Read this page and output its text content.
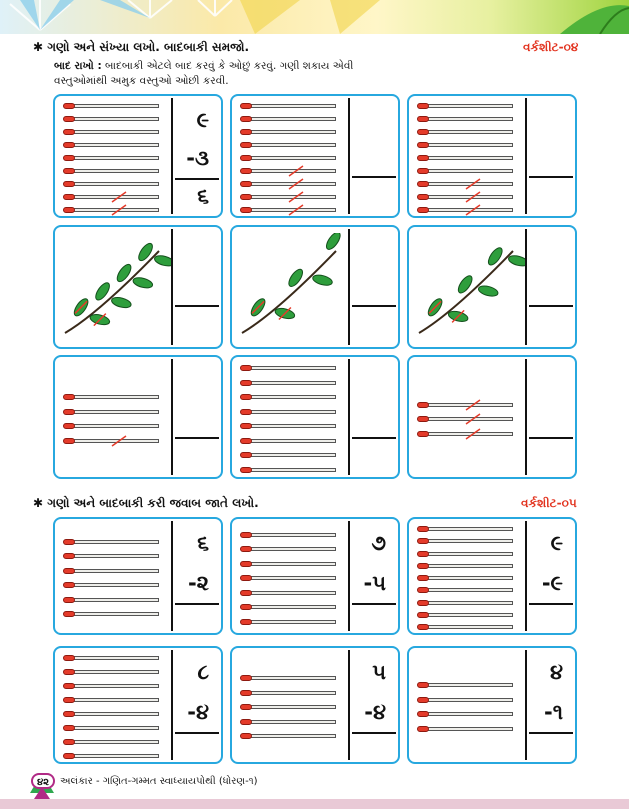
✱ ગણો અને સંખ્યા લખો. બાદબાકી સમજો.	વર્કશીટ-૦૪
બાદ રાખો : બાદબાકી એટલે બાદ કરવું કે ઓછું કરવું. ગણી શકાય એવી
વસ્તુઓમાંથી અમુક વસ્તુઓ ઓછી કરવી.
૯
-૩
૬
✱ ગણો અને બાદબાકી કરી જવાબ જાતે લખો.	વર્કશીટ-૦૫
૬
-૨
૭
-૫
૯
-૯
૮
-૪
૫
-૪
૪
-૧
૪૨	અલંકાર - ગણિત-ગમ્મત સ્વાધ્યાયપોથી (ધોરણ-૧)
